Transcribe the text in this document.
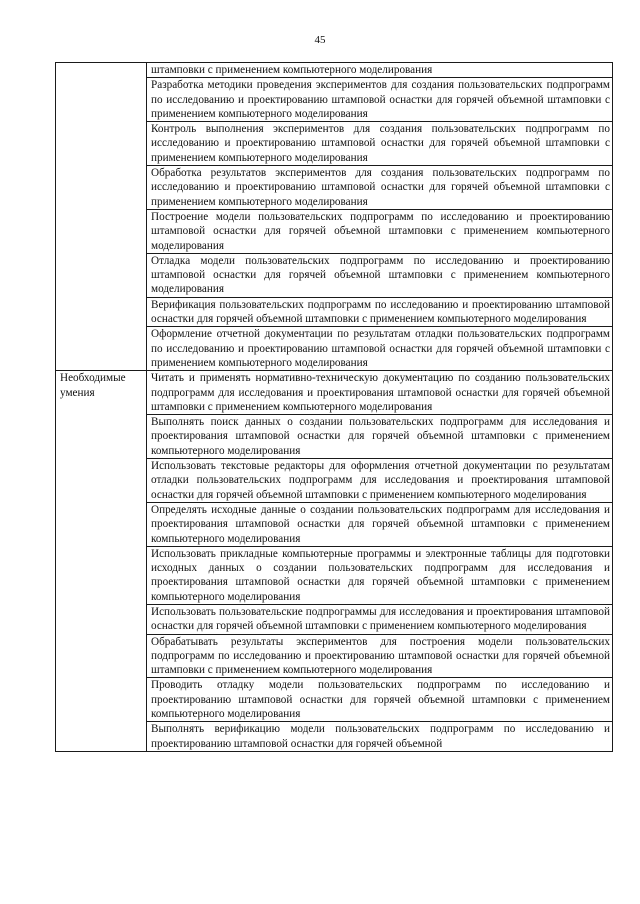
45
	штамповки с применением компьютерного моделирования
	Разработка методики проведения экспериментов для создания пользовательских подпрограмм по исследованию и проектированию штамповой оснастки для горячей объемной штамповки с применением компьютерного моделирования
	Контроль выполнения экспериментов для создания пользовательских подпрограмм по исследованию и проектированию штамповой оснастки для горячей объемной штамповки с применением компьютерного моделирования
	Обработка результатов экспериментов для создания пользовательских подпрограмм по исследованию и проектированию штамповой оснастки для горячей объемной штамповки с применением компьютерного моделирования
	Построение модели пользовательских подпрограмм по исследованию и проектированию штамповой оснастки для горячей объемной штамповки с применением компьютерного моделирования
	Отладка модели пользовательских подпрограмм по исследованию и проектированию штамповой оснастки для горячей объемной штамповки с применением компьютерного моделирования
	Верификация пользовательских подпрограмм по исследованию и проектированию штамповой оснастки для горячей объемной штамповки с применением компьютерного моделирования
	Оформление отчетной документации по результатам отладки пользовательских подпрограмм по исследованию и проектированию штамповой оснастки для горячей объемной штамповки с применением компьютерного моделирования
Необходимые умения	Читать и применять нормативно-техническую документацию по созданию пользовательских подпрограмм для исследования и проектирования штамповой оснастки для горячей объемной штамповки с применением компьютерного моделирования
	Выполнять поиск данных о создании пользовательских подпрограмм для исследования и проектирования штамповой оснастки для горячей объемной штамповки с применением компьютерного моделирования
	Использовать текстовые редакторы для оформления отчетной документации по результатам отладки пользовательских подпрограмм для исследования и проектирования штамповой оснастки для горячей объемной штамповки с применением компьютерного моделирования
	Определять исходные данные о создании пользовательских подпрограмм для исследования и проектирования штамповой оснастки для горячей объемной штамповки с применением компьютерного моделирования
	Использовать прикладные компьютерные программы и электронные таблицы для подготовки исходных данных о создании пользовательских подпрограмм для исследования и проектирования штамповой оснастки для горячей объемной штамповки с применением компьютерного моделирования
	Использовать пользовательские подпрограммы для исследования и проектирования штамповой оснастки для горячей объемной штамповки с применением компьютерного моделирования
	Обрабатывать результаты экспериментов для построения модели пользовательских подпрограмм по исследованию и проектированию штамповой оснастки для горячей объемной штамповки с применением компьютерного моделирования
	Проводить отладку модели пользовательских подпрограмм по исследованию и проектированию штамповой оснастки для горячей объемной штамповки с применением компьютерного моделирования
	Выполнять верификацию модели пользовательских подпрограмм по исследованию и проектированию штамповой оснастки для горячей объемной
